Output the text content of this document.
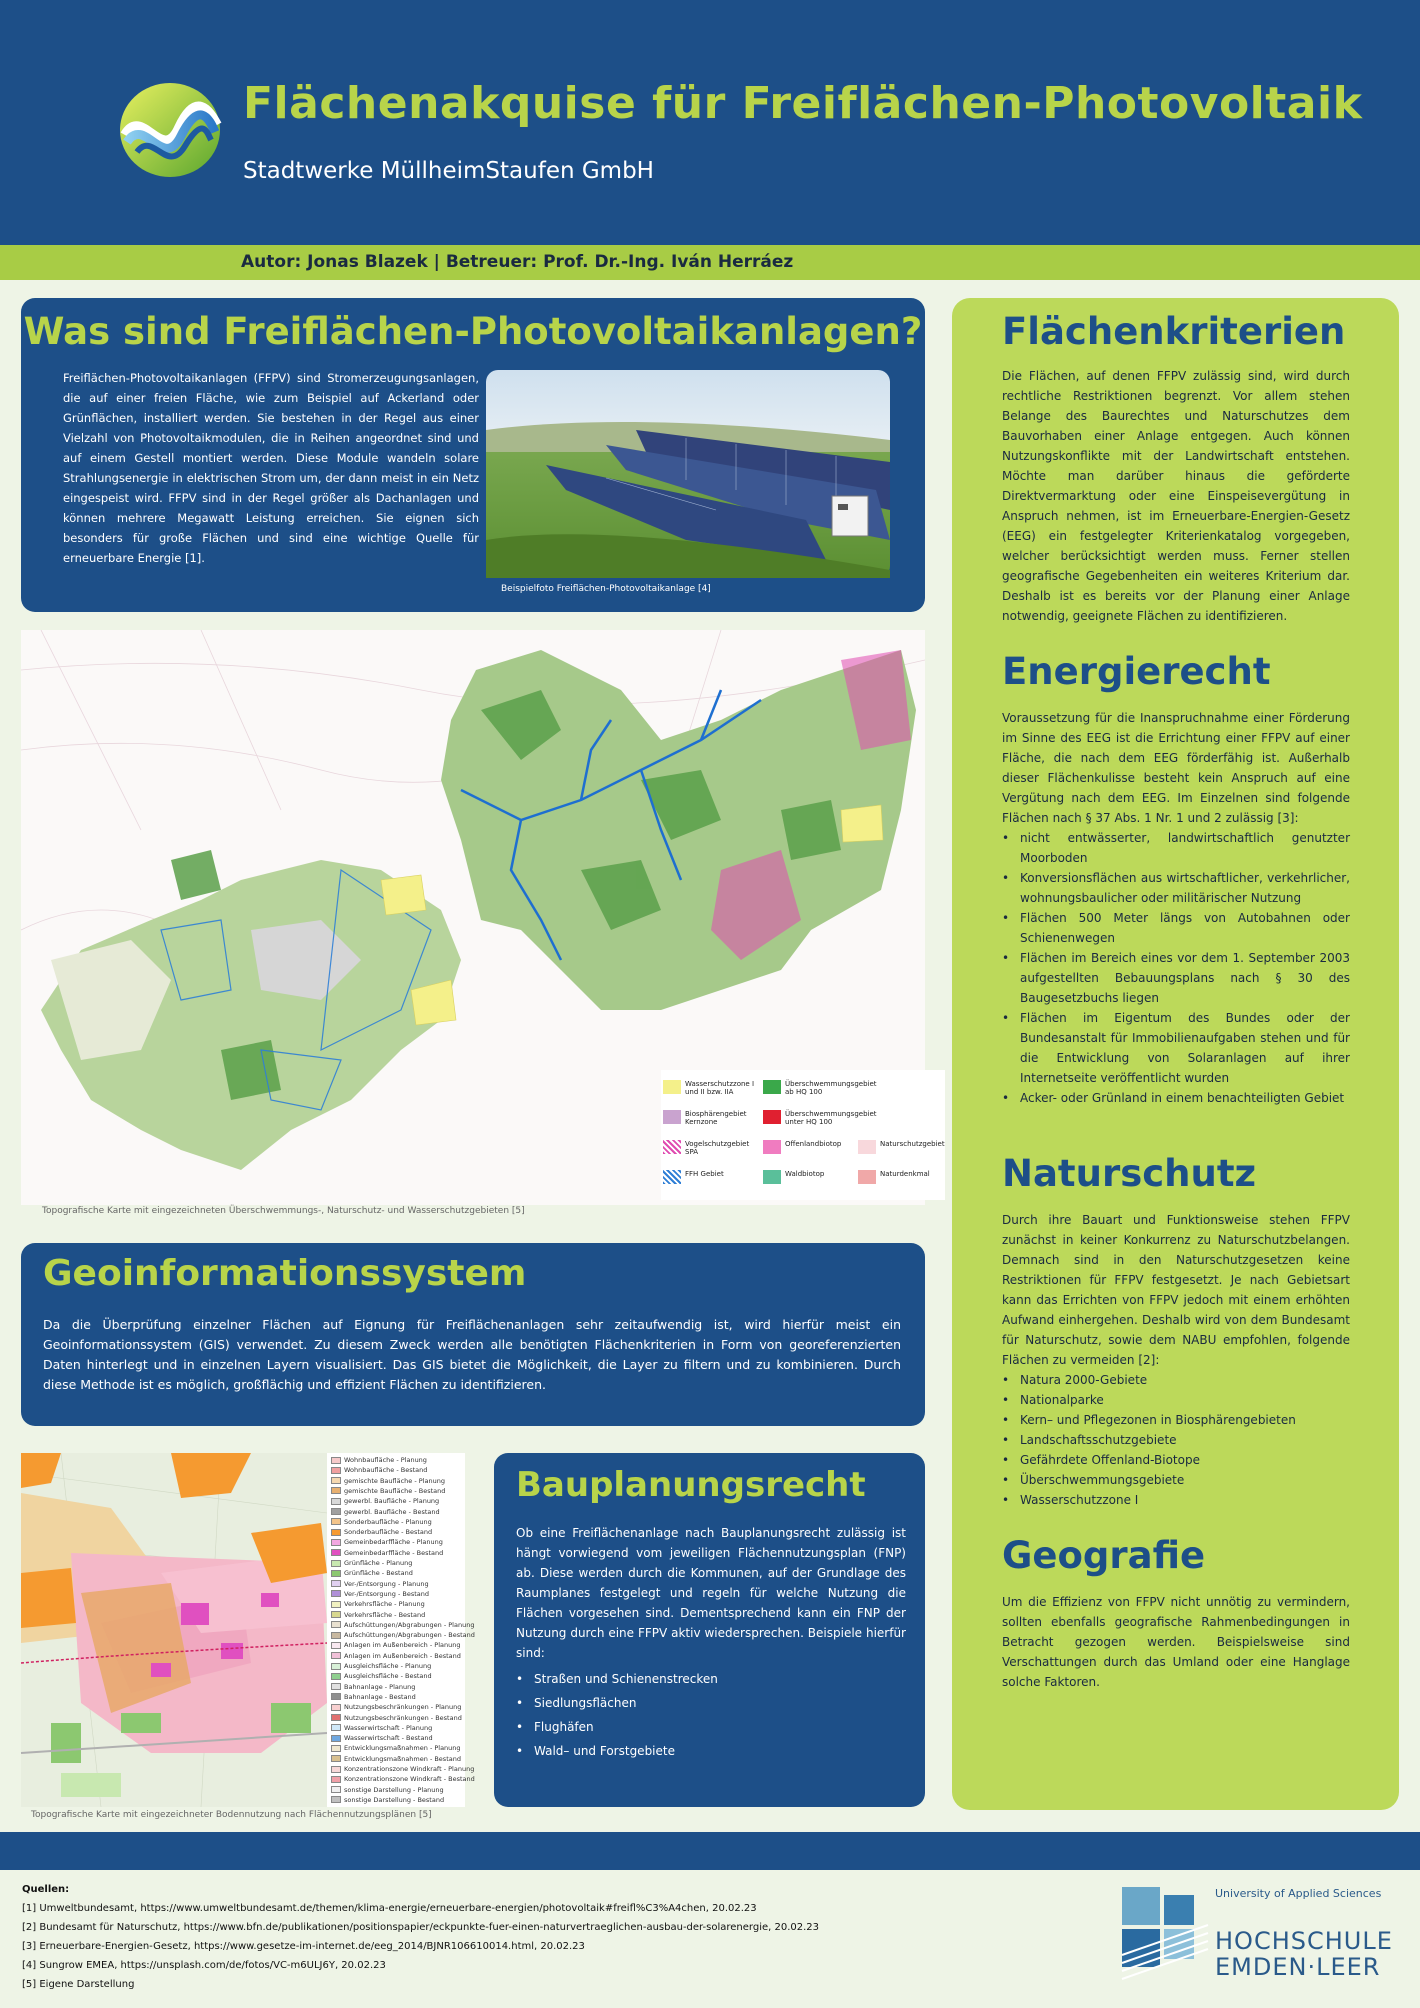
Flächenakquise für Freiflächen-Photovoltaik
Stadtwerke MüllheimStaufen GmbH
Autor: Jonas Blazek | Betreuer: Prof. Dr.-Ing. Iván Herráez
Was sind Freiflächen-Photovoltaikanlagen?
Freiflächen-Photovoltaikanlagen (FFPV) sind Stromerzeugungsanlagen, die auf einer freien Fläche, wie zum Beispiel auf Ackerland oder Grünflächen, installiert werden. Sie bestehen in der Regel aus einer Vielzahl von Photovoltaikmodulen, die in Reihen angeordnet sind und auf einem Gestell montiert werden. Diese Module wandeln solare Strahlungsenergie in elektrischen Strom um, der dann meist in ein Netz eingespeist wird. FFPV sind in der Regel größer als Dachanlagen und können mehrere Megawatt Leistung erreichen. Sie eignen sich besonders für große Flächen und sind eine wichtige Quelle für erneuerbare Energie [1].
Beispielfoto Freiflächen-Photovoltaikanlage [4]
Wasserschutzzone I und II bzw. IIA
Überschwemmungsgebiet ab HQ 100
Biosphärengebiet Kernzone
Überschwemmungsgebiet unter HQ 100
Vogelschutzgebiet SPA
Offenlandbiotop	Naturschutzgebiet
FFH Gebiet	Waldbiotop	Naturdenkmal
Topografische Karte mit eingezeichneten Überschwemmungs-, Naturschutz- und Wasserschutzgebieten [5]
Geoinformationssystem
Da die Überprüfung einzelner Flächen auf Eignung für Freiflächenanlagen sehr zeitaufwendig ist, wird hierfür meist ein Geoinformationssystem (GIS) verwendet. Zu diesem Zweck werden alle benötigten Flächenkriterien in Form von georeferenzierten Daten hinterlegt und in einzelnen Layern visualisiert. Das GIS bietet die Möglichkeit, die Layer zu filtern und zu kombinieren. Durch diese Methode ist es möglich, großflächig und effizient Flächen zu identifizieren.
Wohnbaufläche - Planung
Wohnbaufläche - Bestand
gemischte Baufläche - Planung
gemischte Baufläche - Bestand
gewerbl. Baufläche - Planung
gewerbl. Baufläche - Bestand
Sonderbaufläche - Planung
Sonderbaufläche - Bestand
Gemeinbedarffläche - Planung
Gemeinbedarffläche - Bestand
Grünfläche - Planung
Grünfläche - Bestand
Ver-/Entsorgung - Planung
Ver-/Entsorgung - Bestand
Verkehrsfläche - Planung
Verkehrsfläche - Bestand
Aufschüttungen/Abgrabungen - Planung
Aufschüttungen/Abgrabungen - Bestand
Anlagen im Außenbereich - Planung
Anlagen im Außenbereich - Bestand
Ausgleichsfläche - Planung
Ausgleichsfläche - Bestand
Bahnanlage - Planung
Bahnanlage - Bestand
Nutzungsbeschränkungen - Planung
Nutzungsbeschränkungen - Bestand
Wasserwirtschaft - Planung
Wasserwirtschaft - Bestand
Entwicklungsmaßnahmen - Planung
Entwicklungsmaßnahmen - Bestand
Konzentrationszone Windkraft - Planung
Konzentrationszone Windkraft - Bestand
sonstige Darstellung - Planung
sonstige Darstellung - Bestand
Topografische Karte mit eingezeichneter Bodennutzung nach Flächennutzungsplänen [5]
Bauplanungsrecht
Ob eine Freiflächenanlage nach Bauplanungsrecht zulässig ist hängt vorwiegend vom jeweiligen Flächennutzungsplan (FNP) ab. Diese werden durch die Kommunen, auf der Grundlage des Raumplanes festgelegt und regeln für welche Nutzung die Flächen vorgesehen sind. Dementsprechend kann ein FNP der Nutzung durch eine FFPV aktiv wiedersprechen. Beispiele hierfür sind:
• Straßen und Schienenstrecken
• Siedlungsflächen
• Flughäfen
• Wald– und Forstgebiete
Flächenkriterien
Die Flächen, auf denen FFPV zulässig sind, wird durch rechtliche Restriktionen begrenzt. Vor allem stehen Belange des Baurechtes und Naturschutzes dem Bauvorhaben einer Anlage entgegen. Auch können Nutzungskonflikte mit der Landwirtschaft entstehen. Möchte man darüber hinaus die geförderte Direktvermarktung oder eine Einspeisevergütung in Anspruch nehmen, ist im Erneuerbare-Energien-Gesetz (EEG) ein festgelegter Kriterienkatalog vorgegeben, welcher berücksichtigt werden muss. Ferner stellen geografische Gegebenheiten ein weiteres Kriterium dar. Deshalb ist es bereits vor der Planung einer Anlage notwendig, geeignete Flächen zu identifizieren.
Energierecht
Voraussetzung für die Inanspruchnahme einer Förderung im Sinne des EEG ist die Errichtung einer FFPV auf einer Fläche, die nach dem EEG förderfähig ist. Außerhalb dieser Flächenkulisse besteht kein Anspruch auf eine Vergütung nach dem EEG. Im Einzelnen sind folgende Flächen nach § 37 Abs. 1 Nr. 1 und 2 zulässig [3]:
• nicht entwässerter, landwirtschaftlich genutzter Moorboden
• Konversionsflächen aus wirtschaftlicher, verkehrlicher, wohnungsbaulicher oder militärischer Nutzung
• Flächen 500 Meter längs von Autobahnen oder Schienenwegen
• Flächen im Bereich eines vor dem 1. September 2003 aufgestellten Bebauungsplans nach § 30 des Baugesetzbuchs liegen
• Flächen im Eigentum des Bundes oder der Bundesanstalt für Immobilienaufgaben stehen und für die Entwicklung von Solaranlagen auf ihrer Internetseite veröffentlicht wurden
• Acker- oder Grünland in einem benachteiligten Gebiet
Naturschutz
Durch ihre Bauart und Funktionsweise stehen FFPV zunächst in keiner Konkurrenz zu Naturschutzbelangen. Demnach sind in den Naturschutzgesetzen keine Restriktionen für FFPV festgesetzt. Je nach Gebietsart kann das Errichten von FFPV jedoch mit einem erhöhten Aufwand einhergehen. Deshalb wird von dem Bundesamt für Naturschutz, sowie dem NABU empfohlen, folgende Flächen zu vermeiden [2]:
• Natura 2000-Gebiete
• Nationalparke
• Kern– und Pflegezonen in Biosphärengebieten
• Landschaftsschutzgebiete
• Gefährdete Offenland-Biotope
• Überschwemmungsgebiete
• Wasserschutzzone I
Geografie
Um die Effizienz von FFPV nicht unnötig zu vermindern, sollten ebenfalls geografische Rahmenbedingungen in Betracht gezogen werden. Beispielsweise sind Verschattungen durch das Umland oder eine Hanglage solche Faktoren.
Quellen:
[1] Umweltbundesamt, https://www.umweltbundesamt.de/themen/klima-energie/erneuerbare-energien/photovoltaik#freifl%C3%A4chen, 20.02.23
[2] Bundesamt für Naturschutz, https://www.bfn.de/publikationen/positionspapier/eckpunkte-fuer-einen-naturvertraeglichen-ausbau-der-solarenergie, 20.02.23
[3] Erneuerbare-Energien-Gesetz, https://www.gesetze-im-internet.de/eeg_2014/BJNR106610014.html, 20.02.23
[4] Sungrow EMEA, https://unsplash.com/de/fotos/VC-m6ULJ6Y, 20.02.23
[5] Eigene Darstellung
University of Applied Sciences
HOCHSCHULE
EMDEN·LEER
